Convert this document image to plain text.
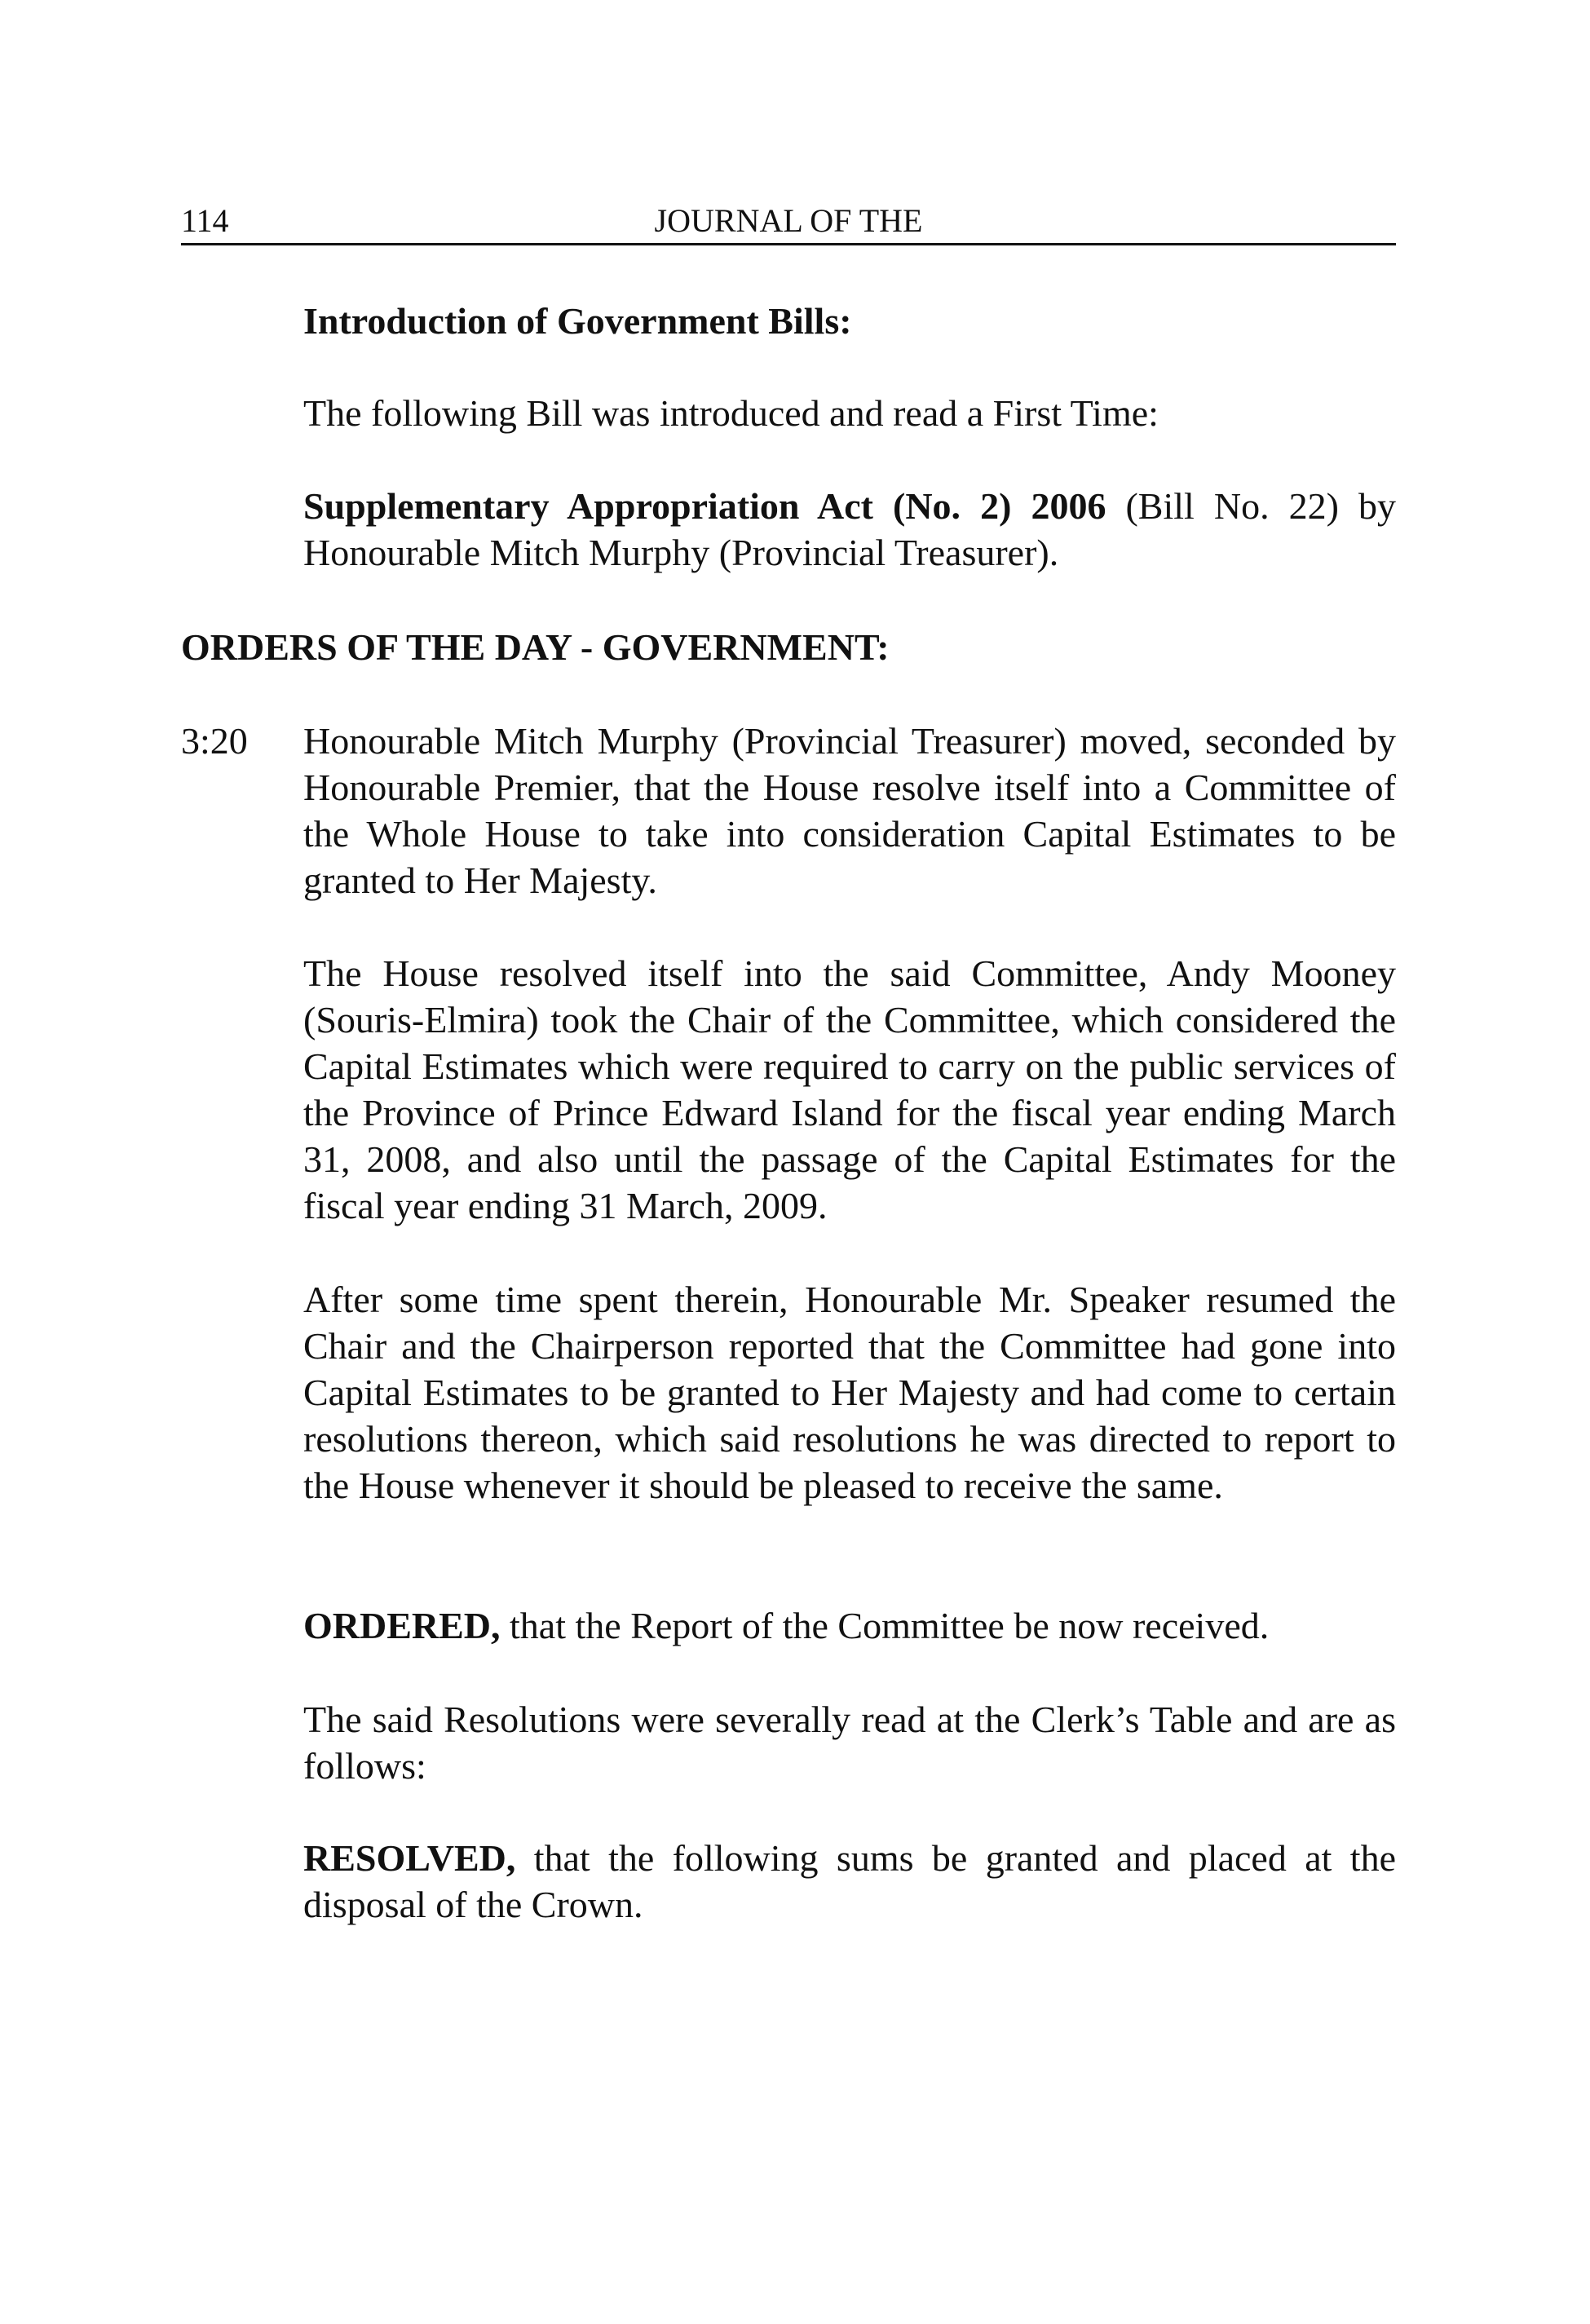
114	JOURNAL OF THE

Introduction of Government Bills:

The following Bill was introduced and read a First Time:

Supplementary Appropriation Act (No. 2) 2006 (Bill No. 22) by Honourable Mitch Murphy (Provincial Treasurer).

ORDERS OF THE DAY - GOVERNMENT:

3:20	Honourable Mitch Murphy (Provincial Treasurer) moved, seconded by Honourable Premier, that the House resolve itself into a Committee of the Whole House to take into consideration Capital Estimates to be granted to Her Majesty.

The House resolved itself into the said Committee, Andy Mooney (Souris-Elmira) took the Chair of the Committee, which considered the Capital Estimates which were required to carry on the public services of the Province of Prince Edward Island for the fiscal year ending March 31, 2008, and also until the passage of the Capital Estimates for the fiscal year ending 31 March, 2009.

After some time spent therein, Honourable Mr. Speaker resumed the Chair and the Chairperson reported that the Committee had gone into Capital Estimates to be granted to Her Majesty and had come to certain resolutions thereon, which said resolutions he was directed to report to the House whenever it should be pleased to receive the same.

ORDERED, that the Report of the Committee be now received.

The said Resolutions were severally read at the Clerk’s Table and are as follows:

RESOLVED, that the following sums be granted and placed at the disposal of the Crown.
